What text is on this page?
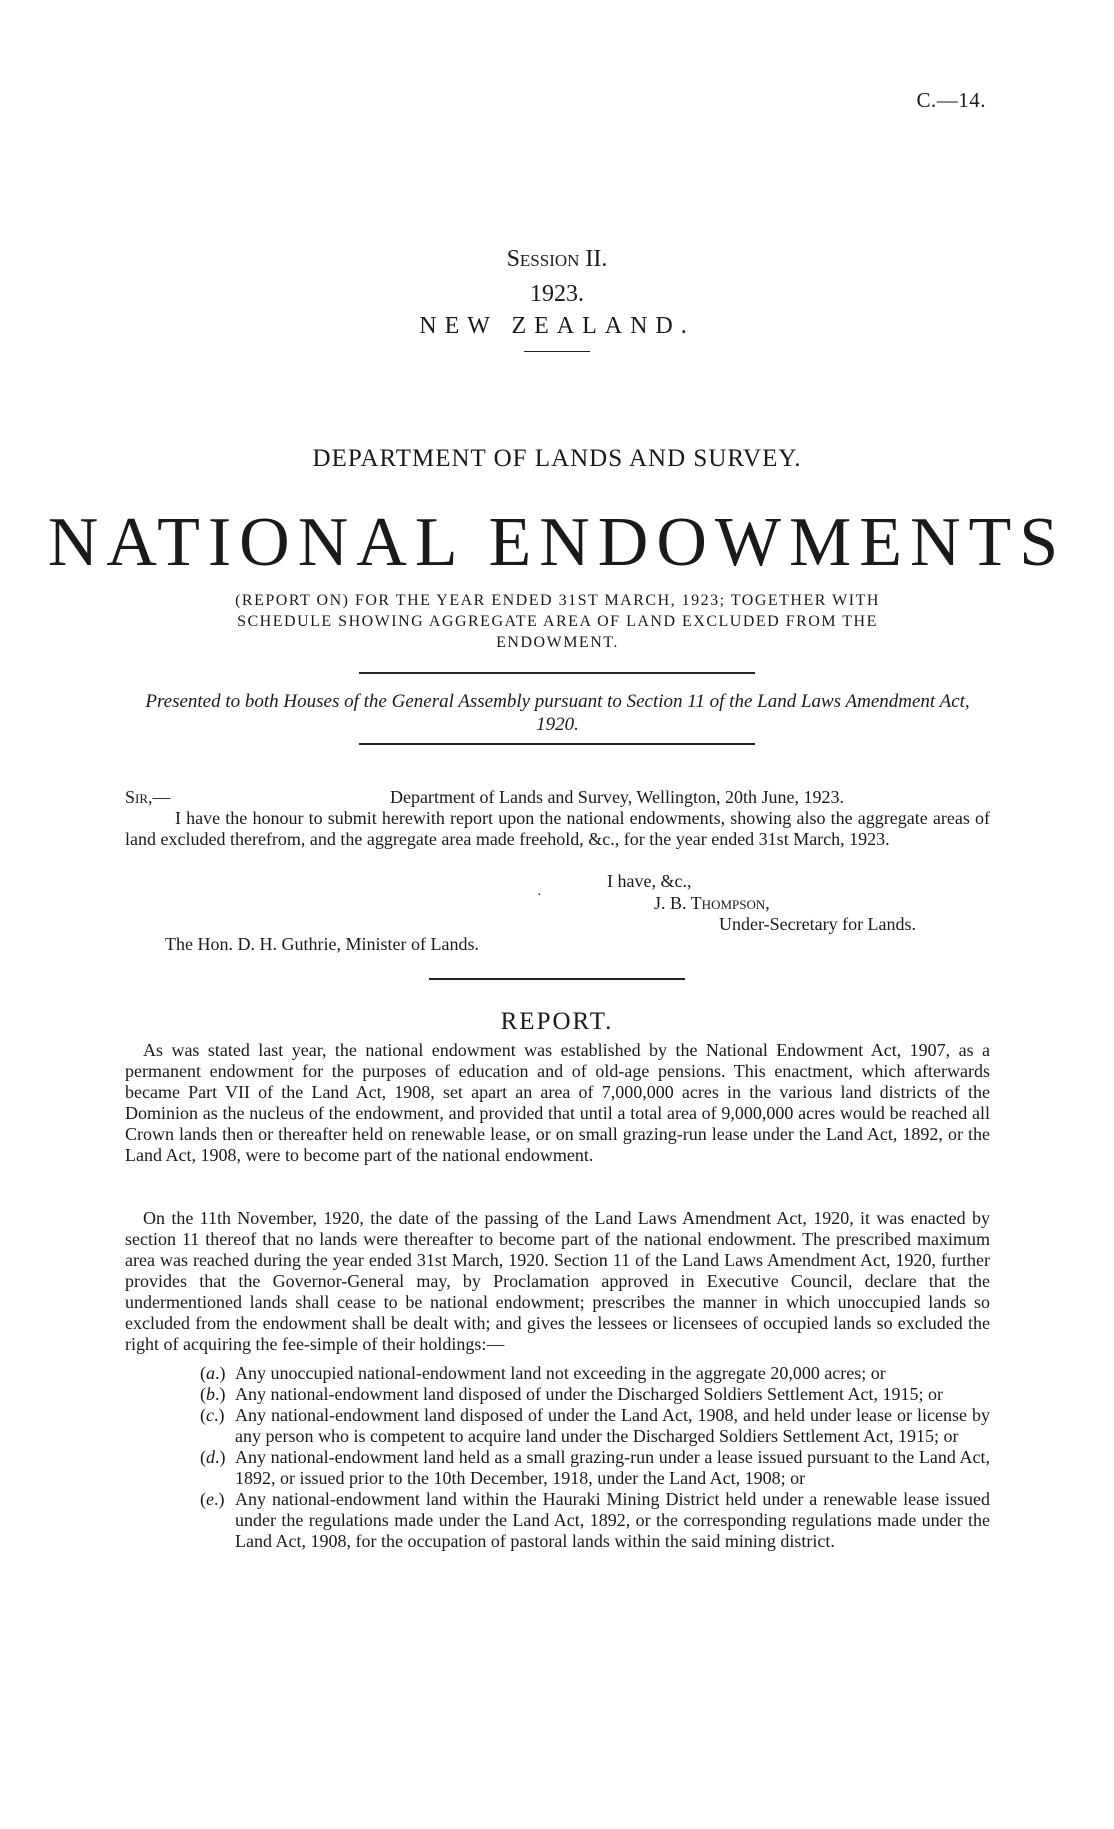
C.—14.
Session II.
1923.
NEW ZEALAND.
DEPARTMENT OF LANDS AND SURVEY.
NATIONAL ENDOWMENTS
(REPORT ON) FOR THE YEAR ENDED 31ST MARCH, 1923; TOGETHER WITH SCHEDULE SHOWING AGGREGATE AREA OF LAND EXCLUDED FROM THE ENDOWMENT.
Presented to both Houses of the General Assembly pursuant to Section 11 of the Land Laws Amendment Act, 1920.
Sir,—	Department of Lands and Survey, Wellington, 20th June, 1923.
I have the honour to submit herewith report upon the national endowments, showing also the aggregate areas of land excluded therefrom, and the aggregate area made freehold, &c., for the year ended 31st March, 1923.
I have, &c.,
·	J. B. Thompson,
Under-Secretary for Lands.
The Hon. D. H. Guthrie, Minister of Lands.
REPORT.
As was stated last year, the national endowment was established by the National Endowment Act, 1907, as a permanent endowment for the purposes of education and of old-age pensions. This enactment, which afterwards became Part VII of the Land Act, 1908, set apart an area of 7,000,000 acres in the various land districts of the Dominion as the nucleus of the endowment, and provided that until a total area of 9,000,000 acres would be reached all Crown lands then or thereafter held on renewable lease, or on small grazing-run lease under the Land Act, 1892, or the Land Act, 1908, were to become part of the national endowment.
On the 11th November, 1920, the date of the passing of the Land Laws Amendment Act, 1920, it was enacted by section 11 thereof that no lands were thereafter to become part of the national endowment. The prescribed maximum area was reached during the year ended 31st March, 1920. Section 11 of the Land Laws Amendment Act, 1920, further provides that the Governor-General may, by Proclamation approved in Executive Council, declare that the undermentioned lands shall cease to be national endowment; prescribes the manner in which unoccupied lands so excluded from the endowment shall be dealt with; and gives the lessees or licensees of occupied lands so excluded the right of acquiring the fee-simple of their holdings:—
(a.) Any unoccupied national-endowment land not exceeding in the aggregate 20,000 acres; or
(b.) Any national-endowment land disposed of under the Discharged Soldiers Settlement Act, 1915; or
(c.) Any national-endowment land disposed of under the Land Act, 1908, and held under lease or license by any person who is competent to acquire land under the Discharged Soldiers Settlement Act, 1915; or
(d.) Any national-endowment land held as a small grazing-run under a lease issued pursuant to the Land Act, 1892, or issued prior to the 10th December, 1918, under the Land Act, 1908; or
(e.) Any national-endowment land within the Hauraki Mining District held under a renewable lease issued under the regulations made under the Land Act, 1892, or the corresponding regulations made under the Land Act, 1908, for the occupation of pastoral lands within the said mining district.
